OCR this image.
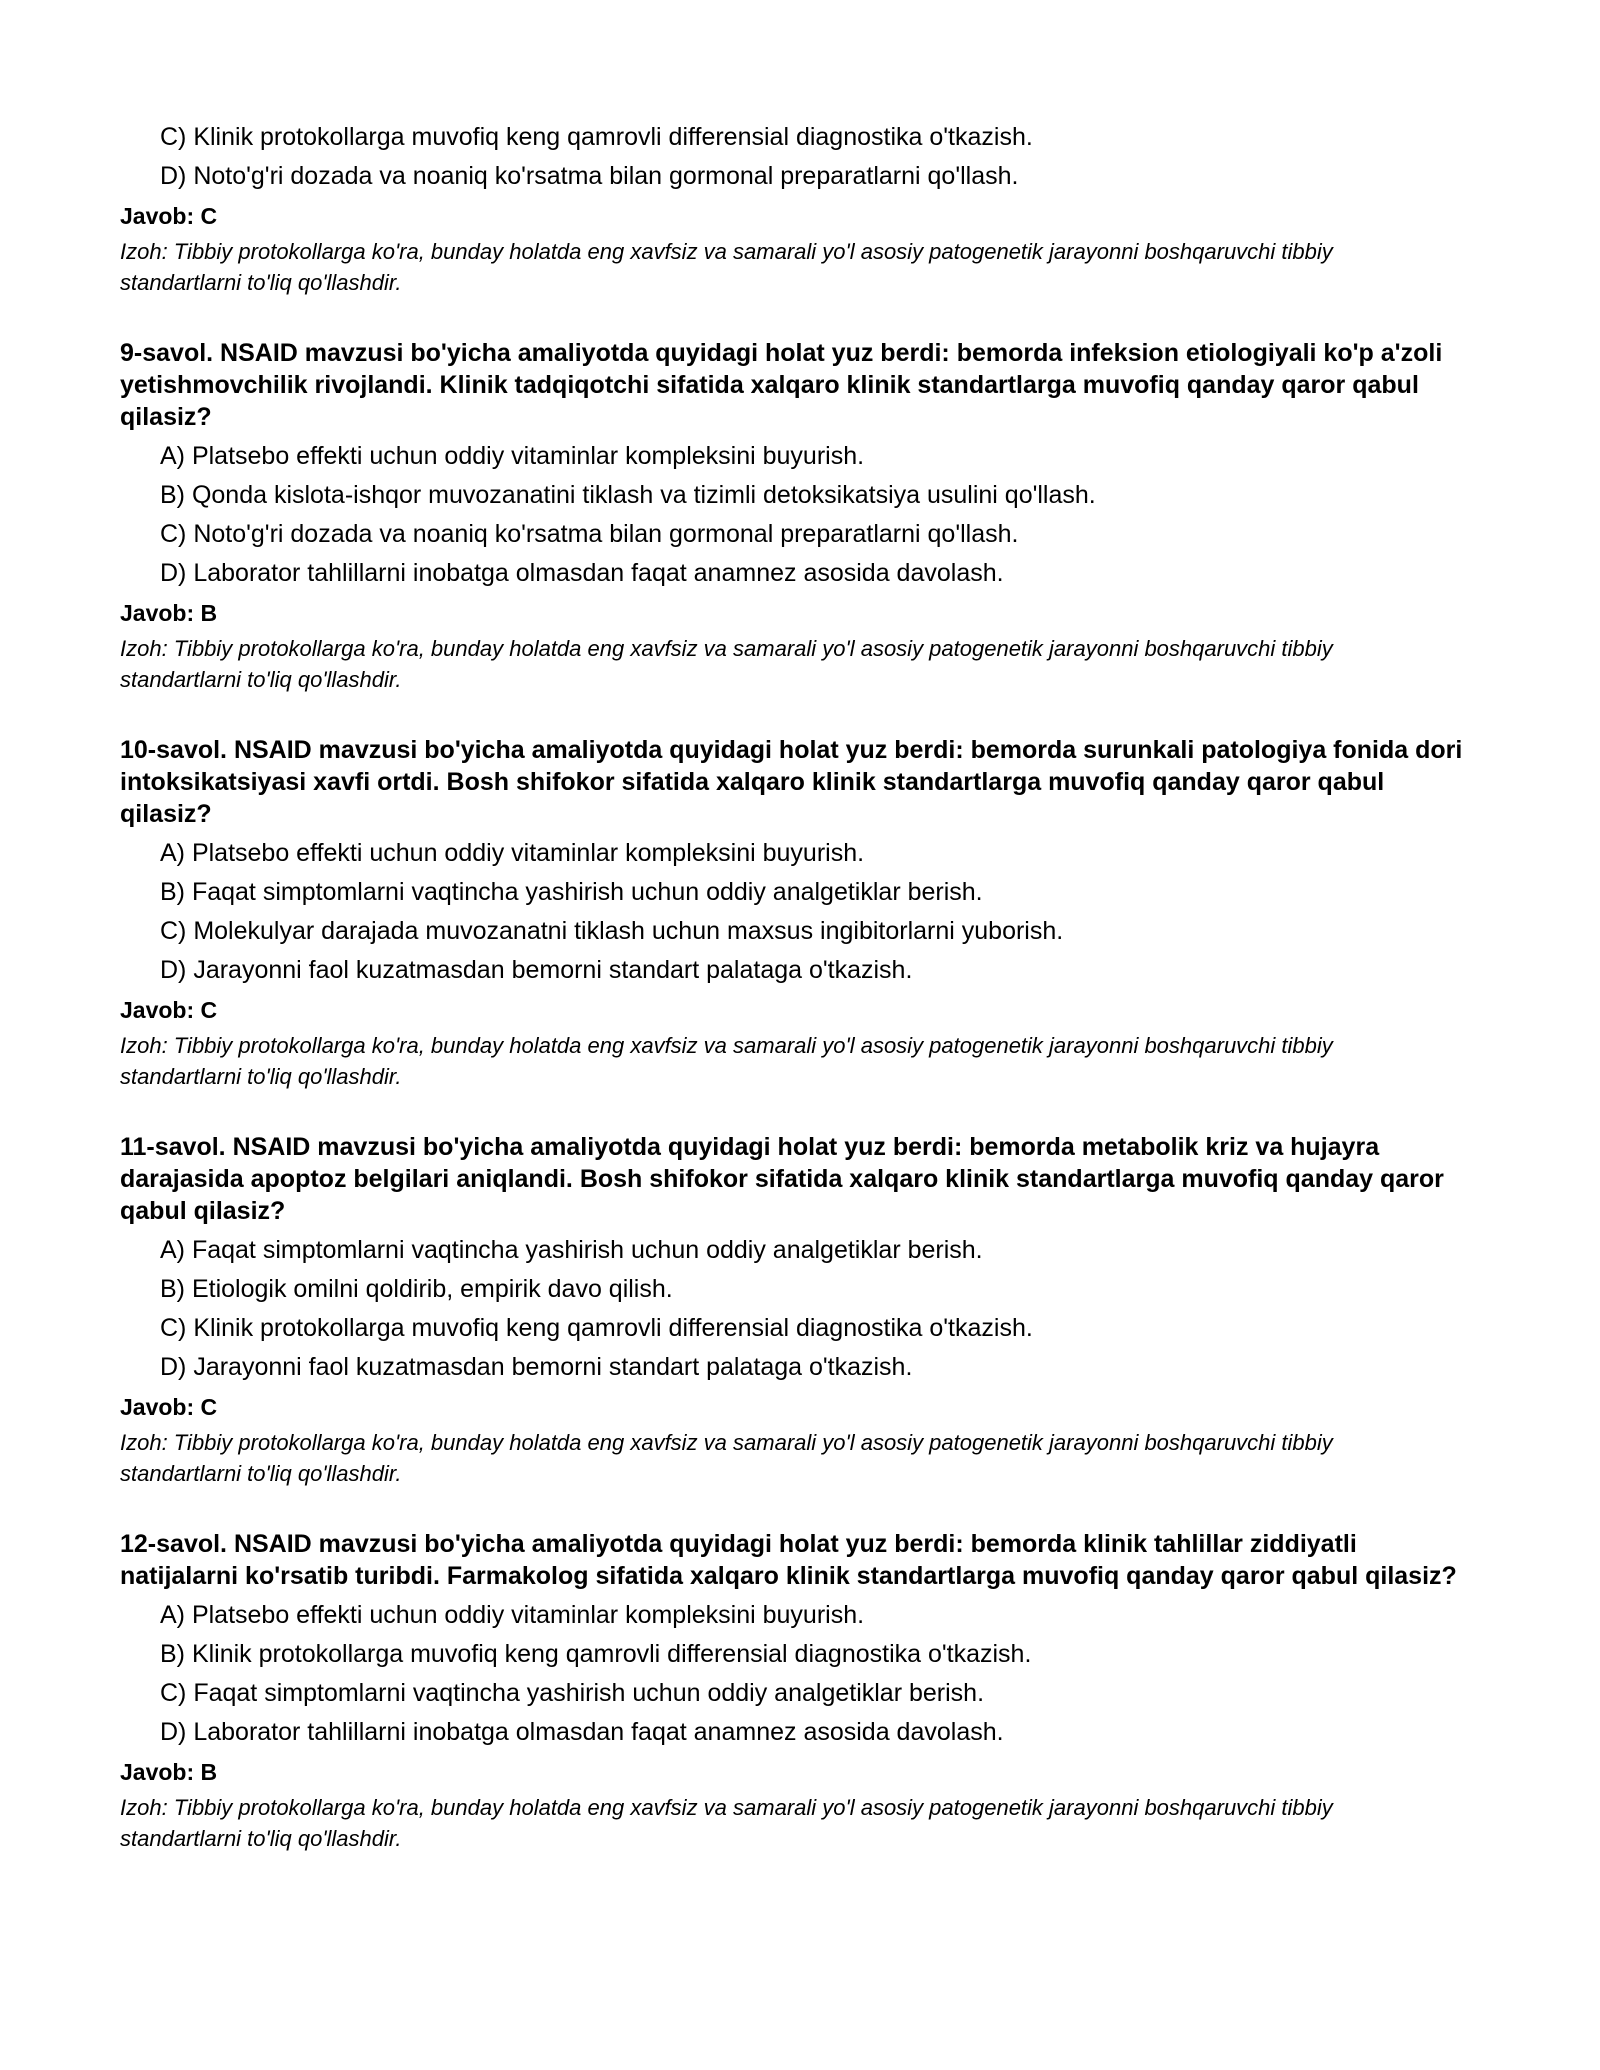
C) Klinik protokollarga muvofiq keng qamrovli differensial diagnostika o'tkazish.
D) Noto'g'ri dozada va noaniq ko'rsatma bilan gormonal preparatlarni qo'llash.
Javob: C
Izoh: Tibbiy protokollarga ko'ra, bunday holatda eng xavfsiz va samarali yo'l asosiy patogenetik jarayonni boshqaruvchi tibbiy standartlarni to'liq qo'llashdir.
9-savol. NSAID mavzusi bo'yicha amaliyotda quyidagi holat yuz berdi: bemorda infeksion etiologiyali ko'p a'zoli yetishmovchilik rivojlandi. Klinik tadqiqotchi sifatida xalqaro klinik standartlarga muvofiq qanday qaror qabul qilasiz?
A) Platsebo effekti uchun oddiy vitaminlar kompleksini buyurish.
B) Qonda kislota-ishqor muvozanatini tiklash va tizimli detoksikatsiya usulini qo'llash.
C) Noto'g'ri dozada va noaniq ko'rsatma bilan gormonal preparatlarni qo'llash.
D) Laborator tahlillarni inobatga olmasdan faqat anamnez asosida davolash.
Javob: B
Izoh: Tibbiy protokollarga ko'ra, bunday holatda eng xavfsiz va samarali yo'l asosiy patogenetik jarayonni boshqaruvchi tibbiy standartlarni to'liq qo'llashdir.
10-savol. NSAID mavzusi bo'yicha amaliyotda quyidagi holat yuz berdi: bemorda surunkali patologiya fonida dori intoksikatsiyasi xavfi ortdi. Bosh shifokor sifatida xalqaro klinik standartlarga muvofiq qanday qaror qabul qilasiz?
A) Platsebo effekti uchun oddiy vitaminlar kompleksini buyurish.
B) Faqat simptomlarni vaqtincha yashirish uchun oddiy analgetiklar berish.
C) Molekulyar darajada muvozanatni tiklash uchun maxsus ingibitorlarni yuborish.
D) Jarayonni faol kuzatmasdan bemorni standart palataga o'tkazish.
Javob: C
Izoh: Tibbiy protokollarga ko'ra, bunday holatda eng xavfsiz va samarali yo'l asosiy patogenetik jarayonni boshqaruvchi tibbiy standartlarni to'liq qo'llashdir.
11-savol. NSAID mavzusi bo'yicha amaliyotda quyidagi holat yuz berdi: bemorda metabolik kriz va hujayra darajasida apoptoz belgilari aniqlandi. Bosh shifokor sifatida xalqaro klinik standartlarga muvofiq qanday qaror qabul qilasiz?
A) Faqat simptomlarni vaqtincha yashirish uchun oddiy analgetiklar berish.
B) Etiologik omilni qoldirib, empirik davo qilish.
C) Klinik protokollarga muvofiq keng qamrovli differensial diagnostika o'tkazish.
D) Jarayonni faol kuzatmasdan bemorni standart palataga o'tkazish.
Javob: C
Izoh: Tibbiy protokollarga ko'ra, bunday holatda eng xavfsiz va samarali yo'l asosiy patogenetik jarayonni boshqaruvchi tibbiy standartlarni to'liq qo'llashdir.
12-savol. NSAID mavzusi bo'yicha amaliyotda quyidagi holat yuz berdi: bemorda klinik tahlillar ziddiyatli natijalarni ko'rsatib turibdi. Farmakolog sifatida xalqaro klinik standartlarga muvofiq qanday qaror qabul qilasiz?
A) Platsebo effekti uchun oddiy vitaminlar kompleksini buyurish.
B) Klinik protokollarga muvofiq keng qamrovli differensial diagnostika o'tkazish.
C) Faqat simptomlarni vaqtincha yashirish uchun oddiy analgetiklar berish.
D) Laborator tahlillarni inobatga olmasdan faqat anamnez asosida davolash.
Javob: B
Izoh: Tibbiy protokollarga ko'ra, bunday holatda eng xavfsiz va samarali yo'l asosiy patogenetik jarayonni boshqaruvchi tibbiy standartlarni to'liq qo'llashdir.
